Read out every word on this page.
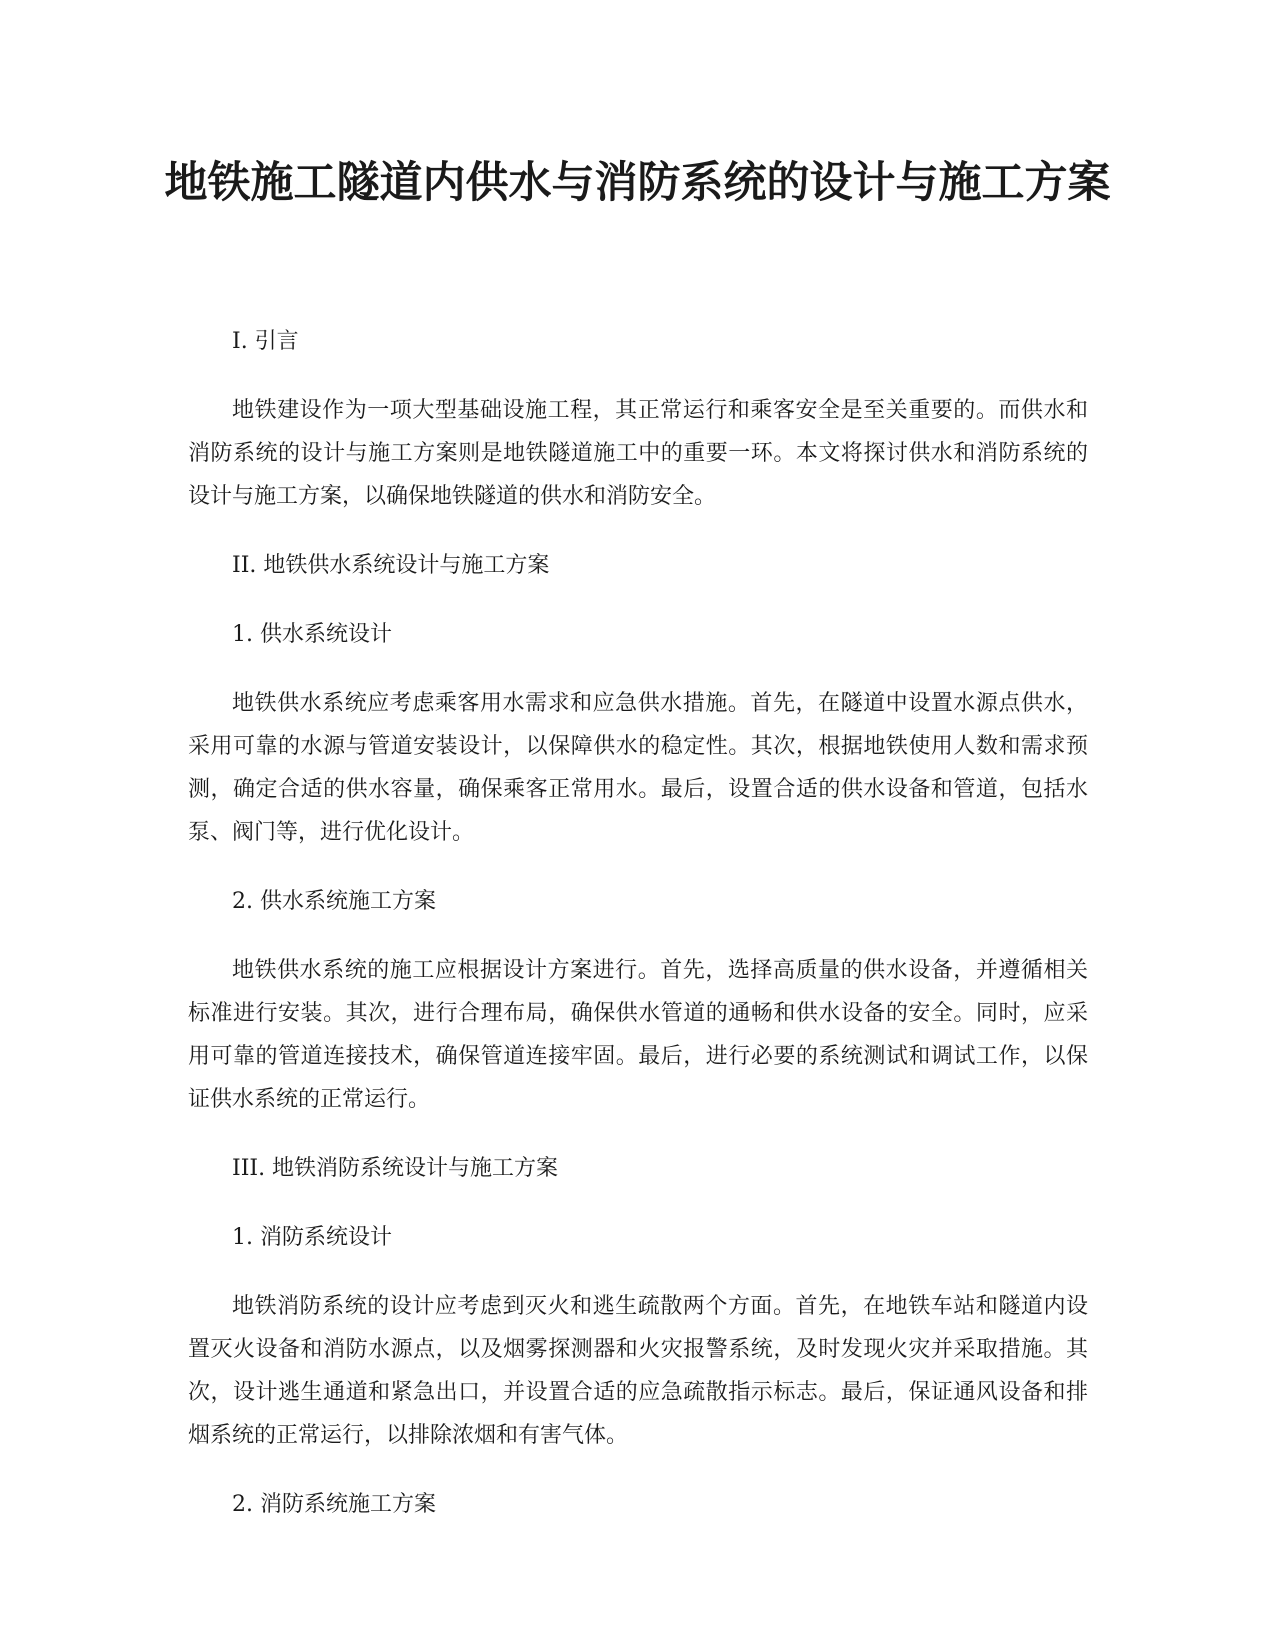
地铁施工隧道内供水与消防系统的设计与施工方案

I. 引言

地铁建设作为一项大型基础设施工程，其正常运行和乘客安全是至关重要的。而供水和消防系统的设计与施工方案则是地铁隧道施工中的重要一环。本文将探讨供水和消防系统的设计与施工方案，以确保地铁隧道的供水和消防安全。

II. 地铁供水系统设计与施工方案

1. 供水系统设计

地铁供水系统应考虑乘客用水需求和应急供水措施。首先，在隧道中设置水源点供水，采用可靠的水源与管道安装设计，以保障供水的稳定性。其次，根据地铁使用人数和需求预测，确定合适的供水容量，确保乘客正常用水。最后，设置合适的供水设备和管道，包括水泵、阀门等，进行优化设计。

2. 供水系统施工方案

地铁供水系统的施工应根据设计方案进行。首先，选择高质量的供水设备，并遵循相关标准进行安装。其次，进行合理布局，确保供水管道的通畅和供水设备的安全。同时，应采用可靠的管道连接技术，确保管道连接牢固。最后，进行必要的系统测试和调试工作，以保证供水系统的正常运行。

III. 地铁消防系统设计与施工方案

1. 消防系统设计

地铁消防系统的设计应考虑到灭火和逃生疏散两个方面。首先，在地铁车站和隧道内设置灭火设备和消防水源点，以及烟雾探测器和火灾报警系统，及时发现火灾并采取措施。其次，设计逃生通道和紧急出口，并设置合适的应急疏散指示标志。最后，保证通风设备和排烟系统的正常运行，以排除浓烟和有害气体。

2. 消防系统施工方案
